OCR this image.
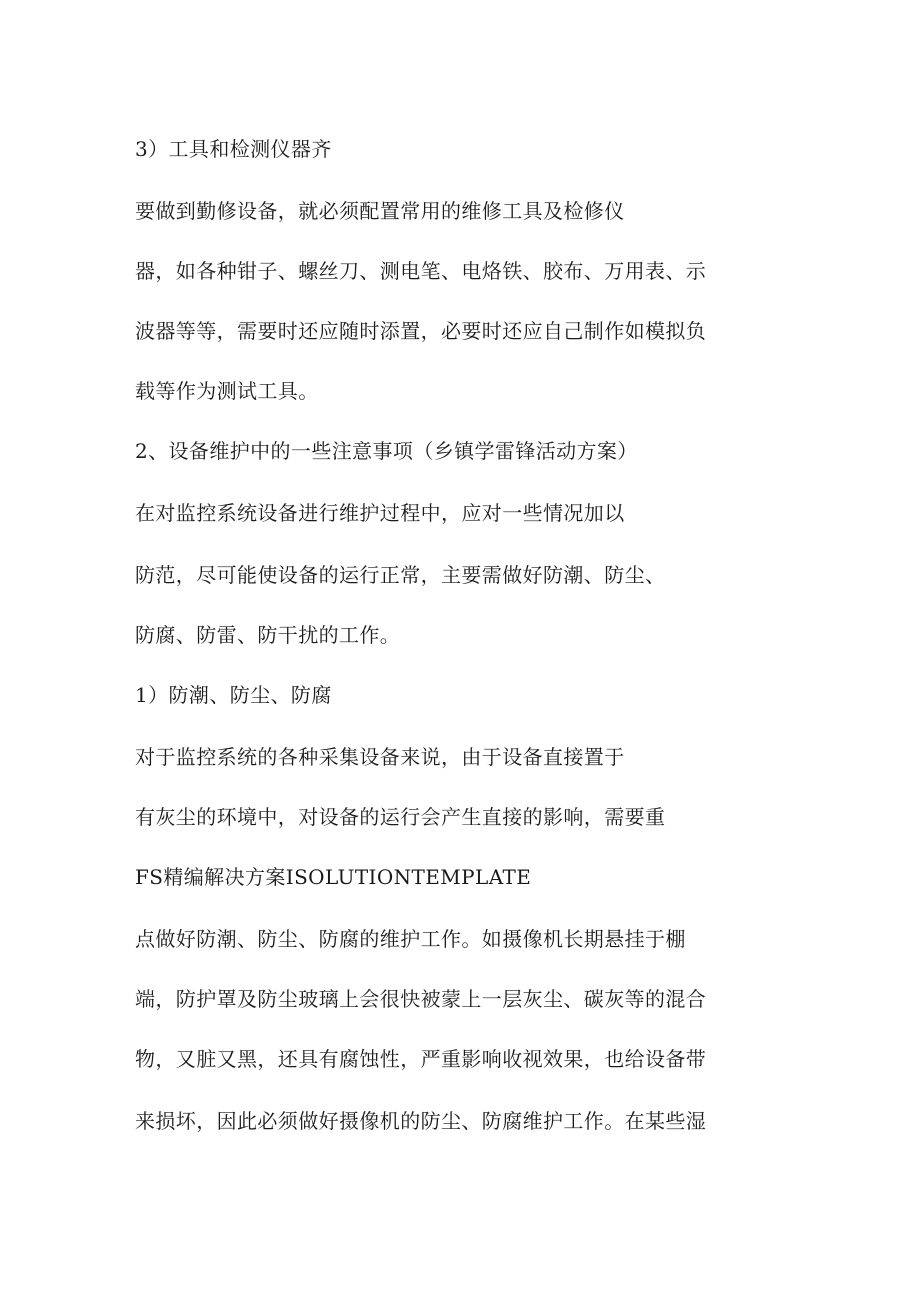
3）工具和检测仪器齐
要做到勤修设备，就必须配置常用的维修工具及检修仪
器，如各种钳子、螺丝刀、测电笔、电烙铁、胶布、万用表、示
波器等等，需要时还应随时添置，必要时还应自己制作如模拟负
载等作为测试工具。
2、设备维护中的一些注意事项（乡镇学雷锋活动方案）
在对监控系统设备进行维护过程中，应对一些情况加以
防范，尽可能使设备的运行正常，主要需做好防潮、防尘、
防腐、防雷、防干扰的工作。
1）防潮、防尘、防腐
对于监控系统的各种采集设备来说，由于设备直接置于
有灰尘的环境中，对设备的运行会产生直接的影响，需要重
FS精编解决方案ISOLUTIONTEMPLATE
点做好防潮、防尘、防腐的维护工作。如摄像机长期悬挂于棚
端，防护罩及防尘玻璃上会很快被蒙上一层灰尘、碳灰等的混合
物，又脏又黑，还具有腐蚀性，严重影响收视效果，也给设备带
来损坏，因此必须做好摄像机的防尘、防腐维护工作。在某些湿
